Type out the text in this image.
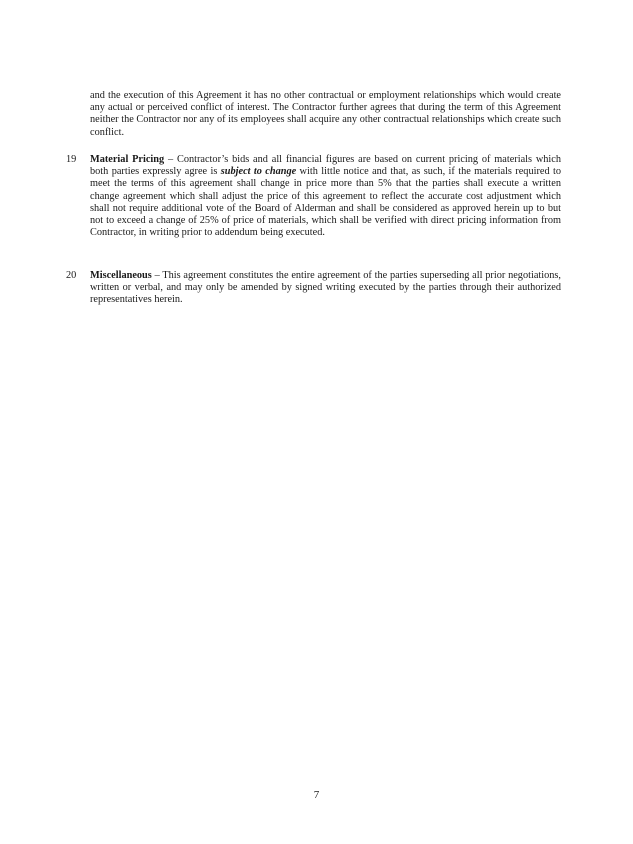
and the execution of this Agreement it has no other contractual or employment relationships which would create any actual or perceived conflict of interest. The Contractor further agrees that during the term of this Agreement neither the Contractor nor any of its employees shall acquire any other contractual relationships which create such conflict.
19 Material Pricing – Contractor’s bids and all financial figures are based on current pricing of materials which both parties expressly agree is subject to change with little notice and that, as such, if the materials required to meet the terms of this agreement shall change in price more than 5% that the parties shall execute a written change agreement which shall adjust the price of this agreement to reflect the accurate cost adjustment which shall not require additional vote of the Board of Alderman and shall be considered as approved herein up to but not to exceed a change of 25% of price of materials, which shall be verified with direct pricing information from Contractor, in writing prior to addendum being executed.
20 Miscellaneous – This agreement constitutes the entire agreement of the parties superseding all prior negotiations, written or verbal, and may only be amended by signed writing executed by the parties through their authorized representatives herein.
7
